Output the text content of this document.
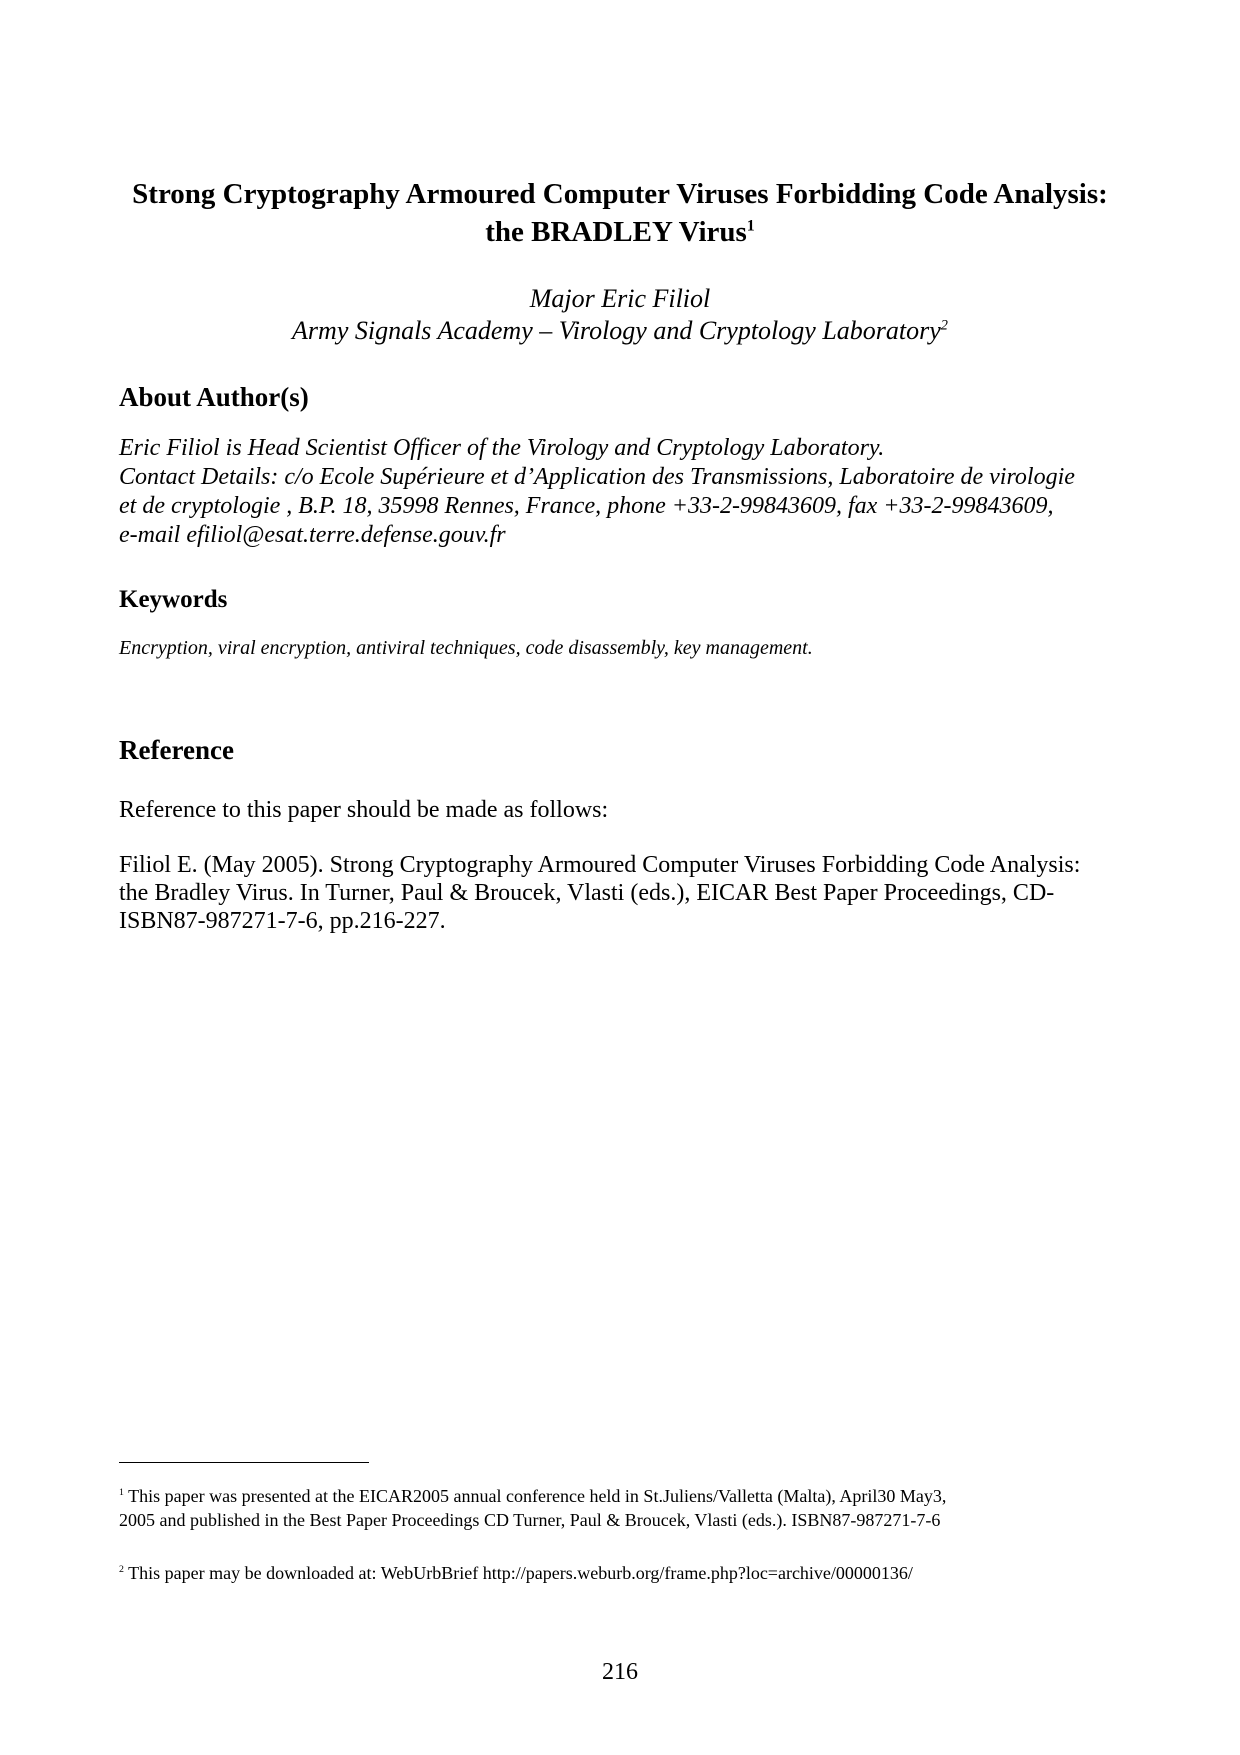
Strong Cryptography Armoured Computer Viruses Forbidding Code Analysis:
the BRADLEY Virus$^1$
Major Eric Filiol
Army Signals Academy – Virology and Cryptology Laboratory$^2$
About Author(s)
Eric Filiol is Head Scientist Officer of the Virology and Cryptology Laboratory.
Contact Details: c/o Ecole Supérieure et d’Application des Transmissions, Laboratoire de virologie
et de cryptologie , B.P. 18, 35998 Rennes, France, phone +33-2-99843609, fax +33-2-99843609,
e-mail efiliol@esat.terre.defense.gouv.fr
Keywords
Encryption, viral encryption, antiviral techniques, code disassembly, key management.
Reference
Reference to this paper should be made as follows:
Filiol E. (May 2005). Strong Cryptography Armoured Computer Viruses Forbidding Code Analysis:
the Bradley Virus. In Turner, Paul & Broucek, Vlasti (eds.), EICAR Best Paper Proceedings, CD-
ISBN87-987271-7-6, pp.216-227.
$^1$ This paper was presented at the EICAR2005 annual conference held in St.Juliens/Valletta (Malta), April30 May3,
2005 and published in the Best Paper Proceedings CD Turner, Paul & Broucek, Vlasti (eds.). ISBN87-987271-7-6
$^2$ This paper may be downloaded at: WebUrbBrief http://papers.weburb.org/frame.php?loc=archive/00000136/
216
